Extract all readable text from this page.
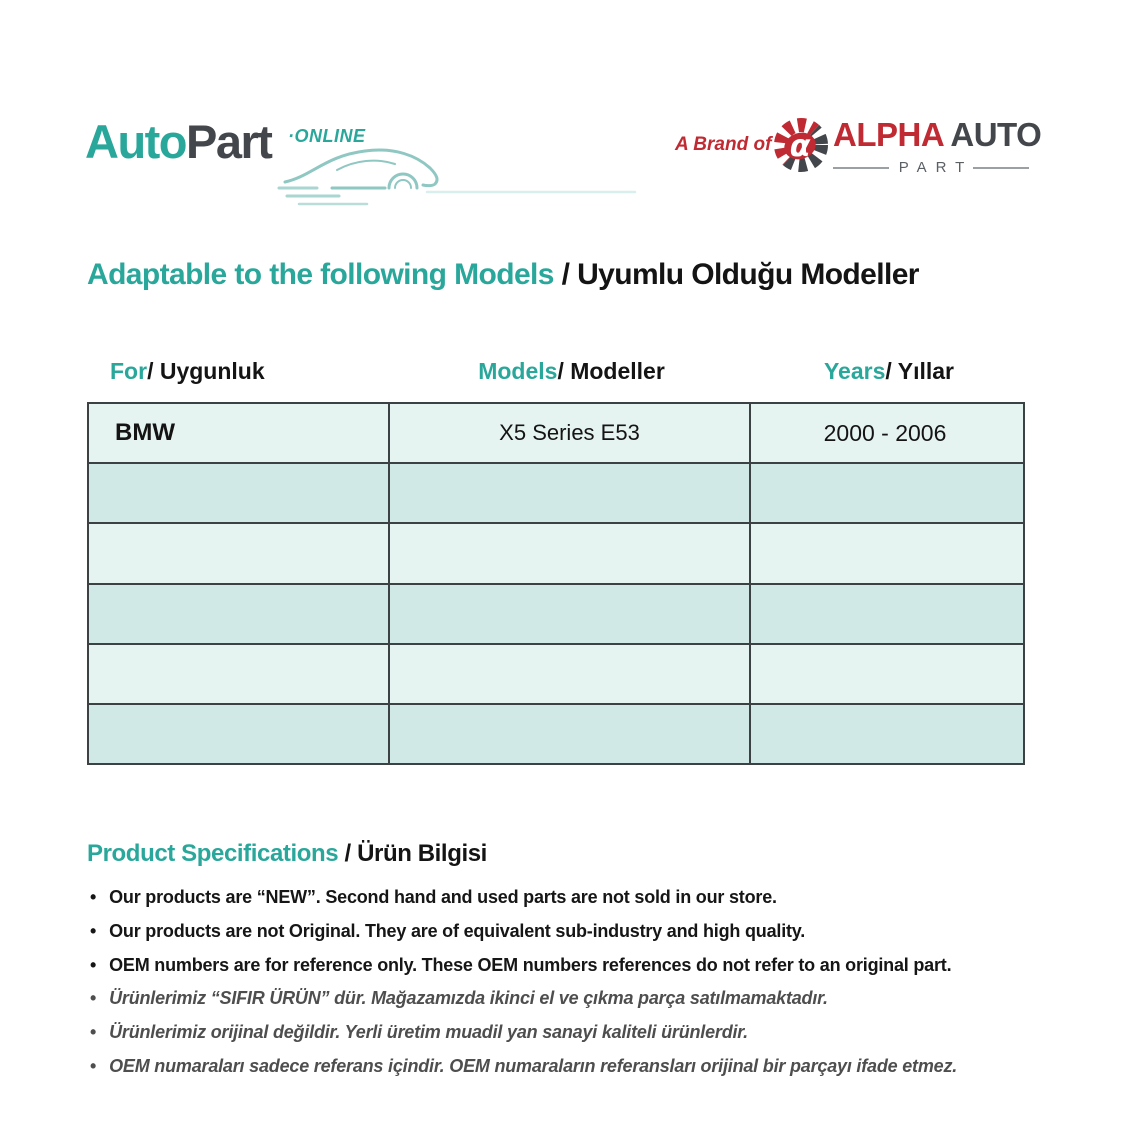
AutoPart ·ONLINE	A Brand of α ALPHA AUTO
PART
Adaptable to the following Models / Uyumlu Olduğu Modeller
For / Uygunluk	Models / Modeller	Years / Yıllar
BMW	X5 Series E53	2000 - 2006
Product Specifications / Ürün Bilgisi
• Our products are “NEW”. Second hand and used parts are not sold in our store.
• Our products are not Original. They are of equivalent sub-industry and high quality.
• OEM numbers are for reference only. These OEM numbers references do not refer to an original part.
• Ürünlerimiz “SIFIR ÜRÜN” dür. Mağazamızda ikinci el ve çıkma parça satılmamaktadır.
• Ürünlerimiz orijinal değildir. Yerli üretim muadil yan sanayi kaliteli ürünlerdir.
• OEM numaraları sadece referans içindir. OEM numaraların referansları orijinal bir parçayı ifade etmez.
